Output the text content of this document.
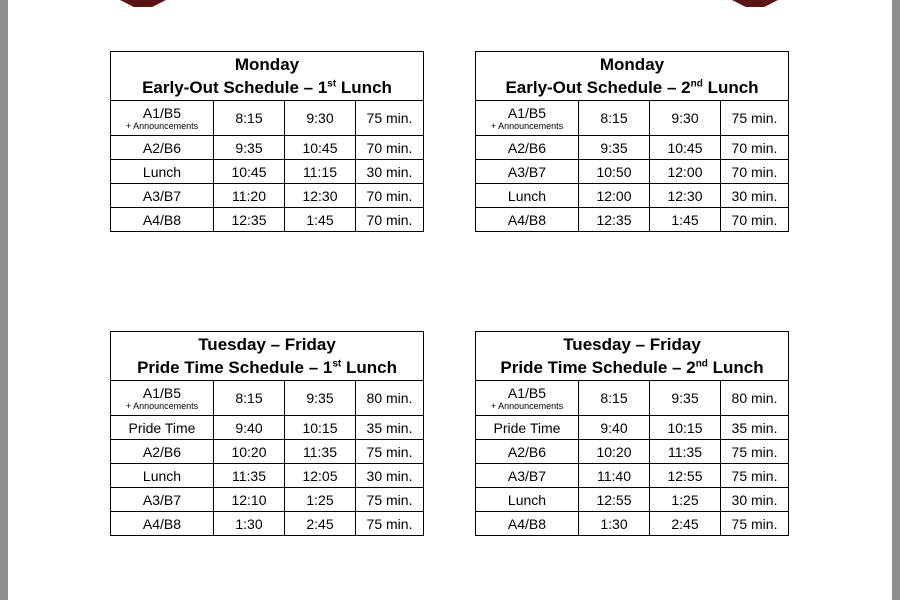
Monday
Early-Out Schedule – 1st Lunch			

A1/B5
+ Announcements	8:15	9:30	75 min.
A2/B6	9:35	10:45	70 min.
Lunch	10:45	11:15	30 min.
A3/B7	11:20	12:30	70 min.
A4/B8	12:35	1:45	70 min.
Monday
Early-Out Schedule – 2nd Lunch			

A1/B5
+ Announcements	8:15	9:30	75 min.
A2/B6	9:35	10:45	70 min.
A3/B7	10:50	12:00	70 min.
Lunch	12:00	12:30	30 min.
A4/B8	12:35	1:45	70 min.
Tuesday – Friday
Pride Time Schedule – 1st Lunch			

A1/B5
+ Announcements	8:15	9:35	80 min.
Pride Time	9:40	10:15	35 min.
A2/B6	10:20	11:35	75 min.
Lunch	11:35	12:05	30 min.
A3/B7	12:10	1:25	75 min.
A4/B8	1:30	2:45	75 min.
Tuesday – Friday
Pride Time Schedule – 2nd Lunch			

A1/B5
+ Announcements	8:15	9:35	80 min.
Pride Time	9:40	10:15	35 min.
A2/B6	10:20	11:35	75 min.
A3/B7	11:40	12:55	75 min.
Lunch	12:55	1:25	30 min.
A4/B8	1:30	2:45	75 min.
